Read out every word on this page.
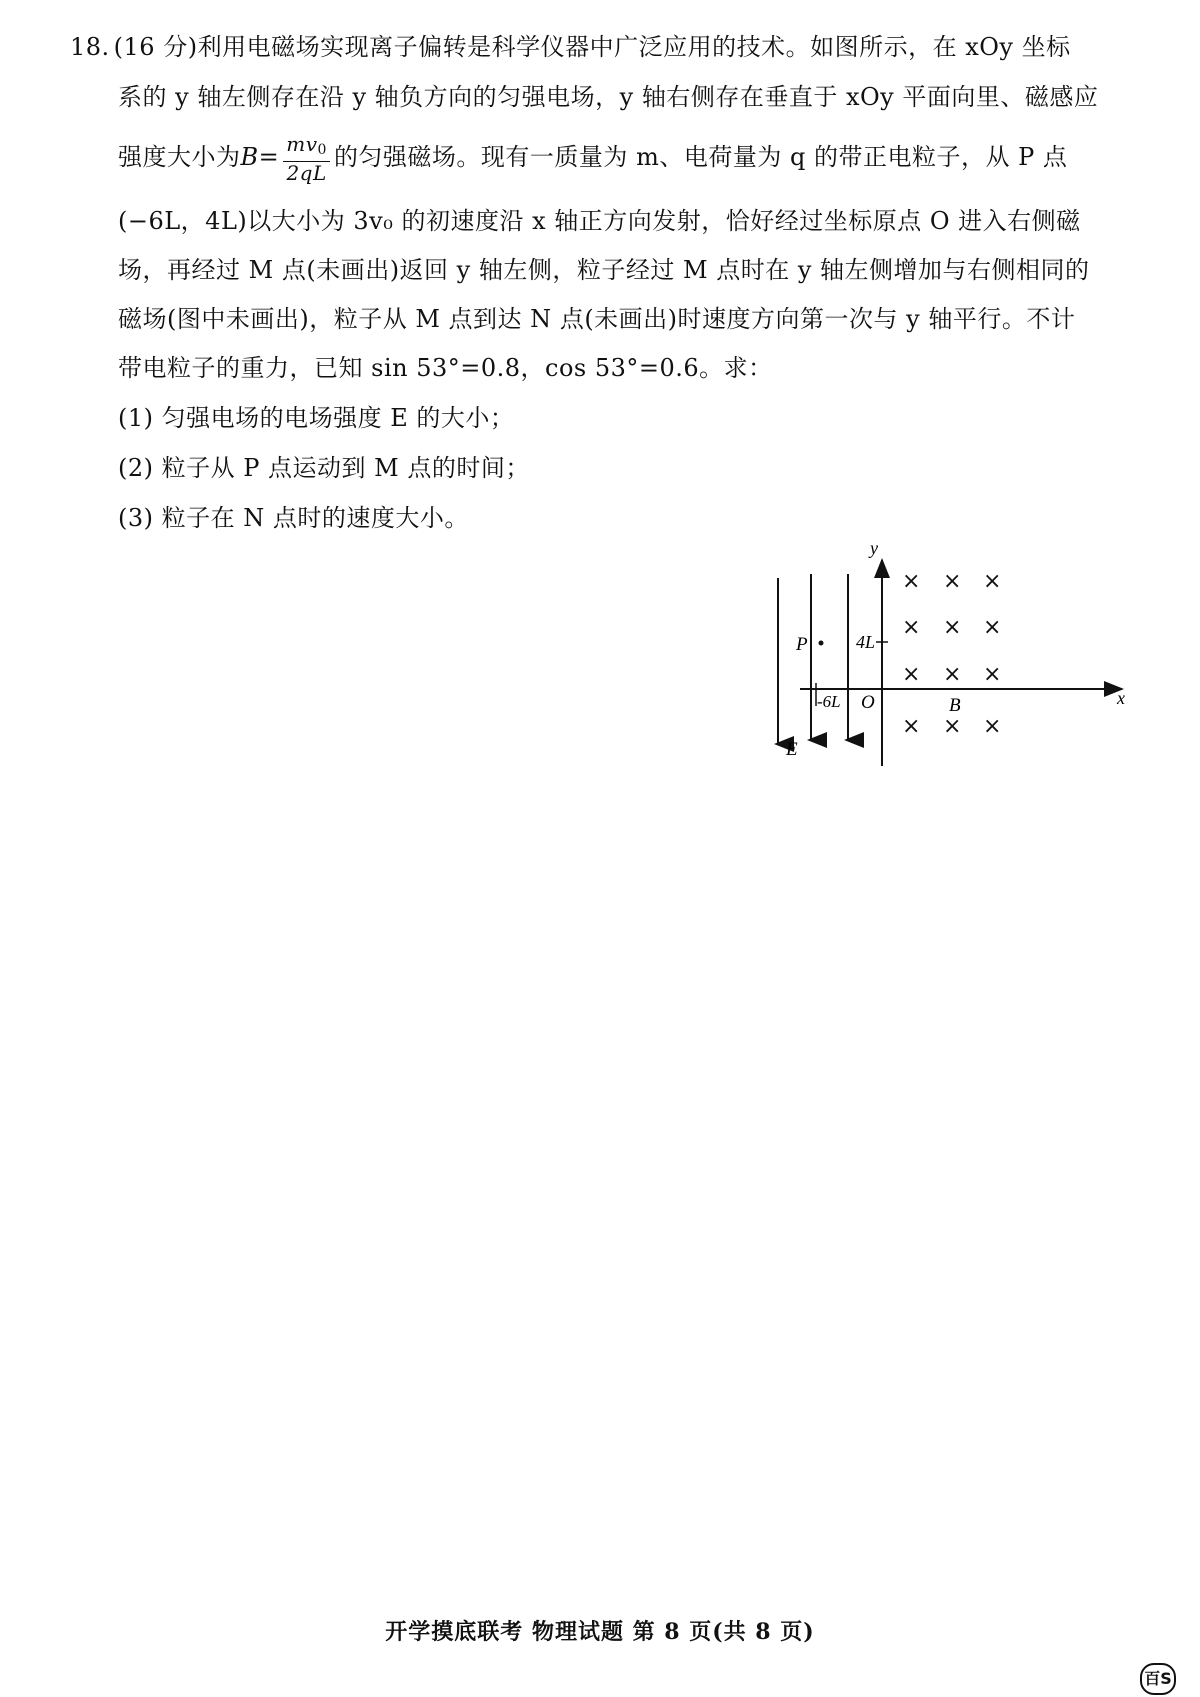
18. (16 分)利用电磁场实现离子偏转是科学仪器中广泛应用的技术。如图所示，在 xOy 坐标
系的 y 轴左侧存在沿 y 轴负方向的匀强电场，y 轴右侧存在垂直于 xOy 平面向里、磁感应
强度大小为$B= \frac{mv_0}{2qL}$ 的匀强磁场。现有一质量为 m、电荷量为 q 的带正电粒子，从 P 点
(−6L，4L)以大小为 3v₀ 的初速度沿 x 轴正方向发射，恰好经过坐标原点 O 进入右侧磁
场，再经过 M 点(未画出)返回 y 轴左侧，粒子经过 M 点时在 y 轴左侧增加与右侧相同的
磁场(图中未画出)，粒子从 M 点到达 N 点(未画出)时速度方向第一次与 y 轴平行。不计
带电粒子的重力，已知 sin 53°=0.8，cos 53°=0.6。求：
(1) 匀强电场的电场强度 E 的大小；
(2) 粒子从 P 点运动到 M 点的时间；
(3) 粒子在 N 点时的速度大小。
P	4L
-6L O
y
x
E
B
× × ×
× × ×
× × ×
× × ×
开学摸底联考 物理试题 第 8 页(共 8 页)
百S
